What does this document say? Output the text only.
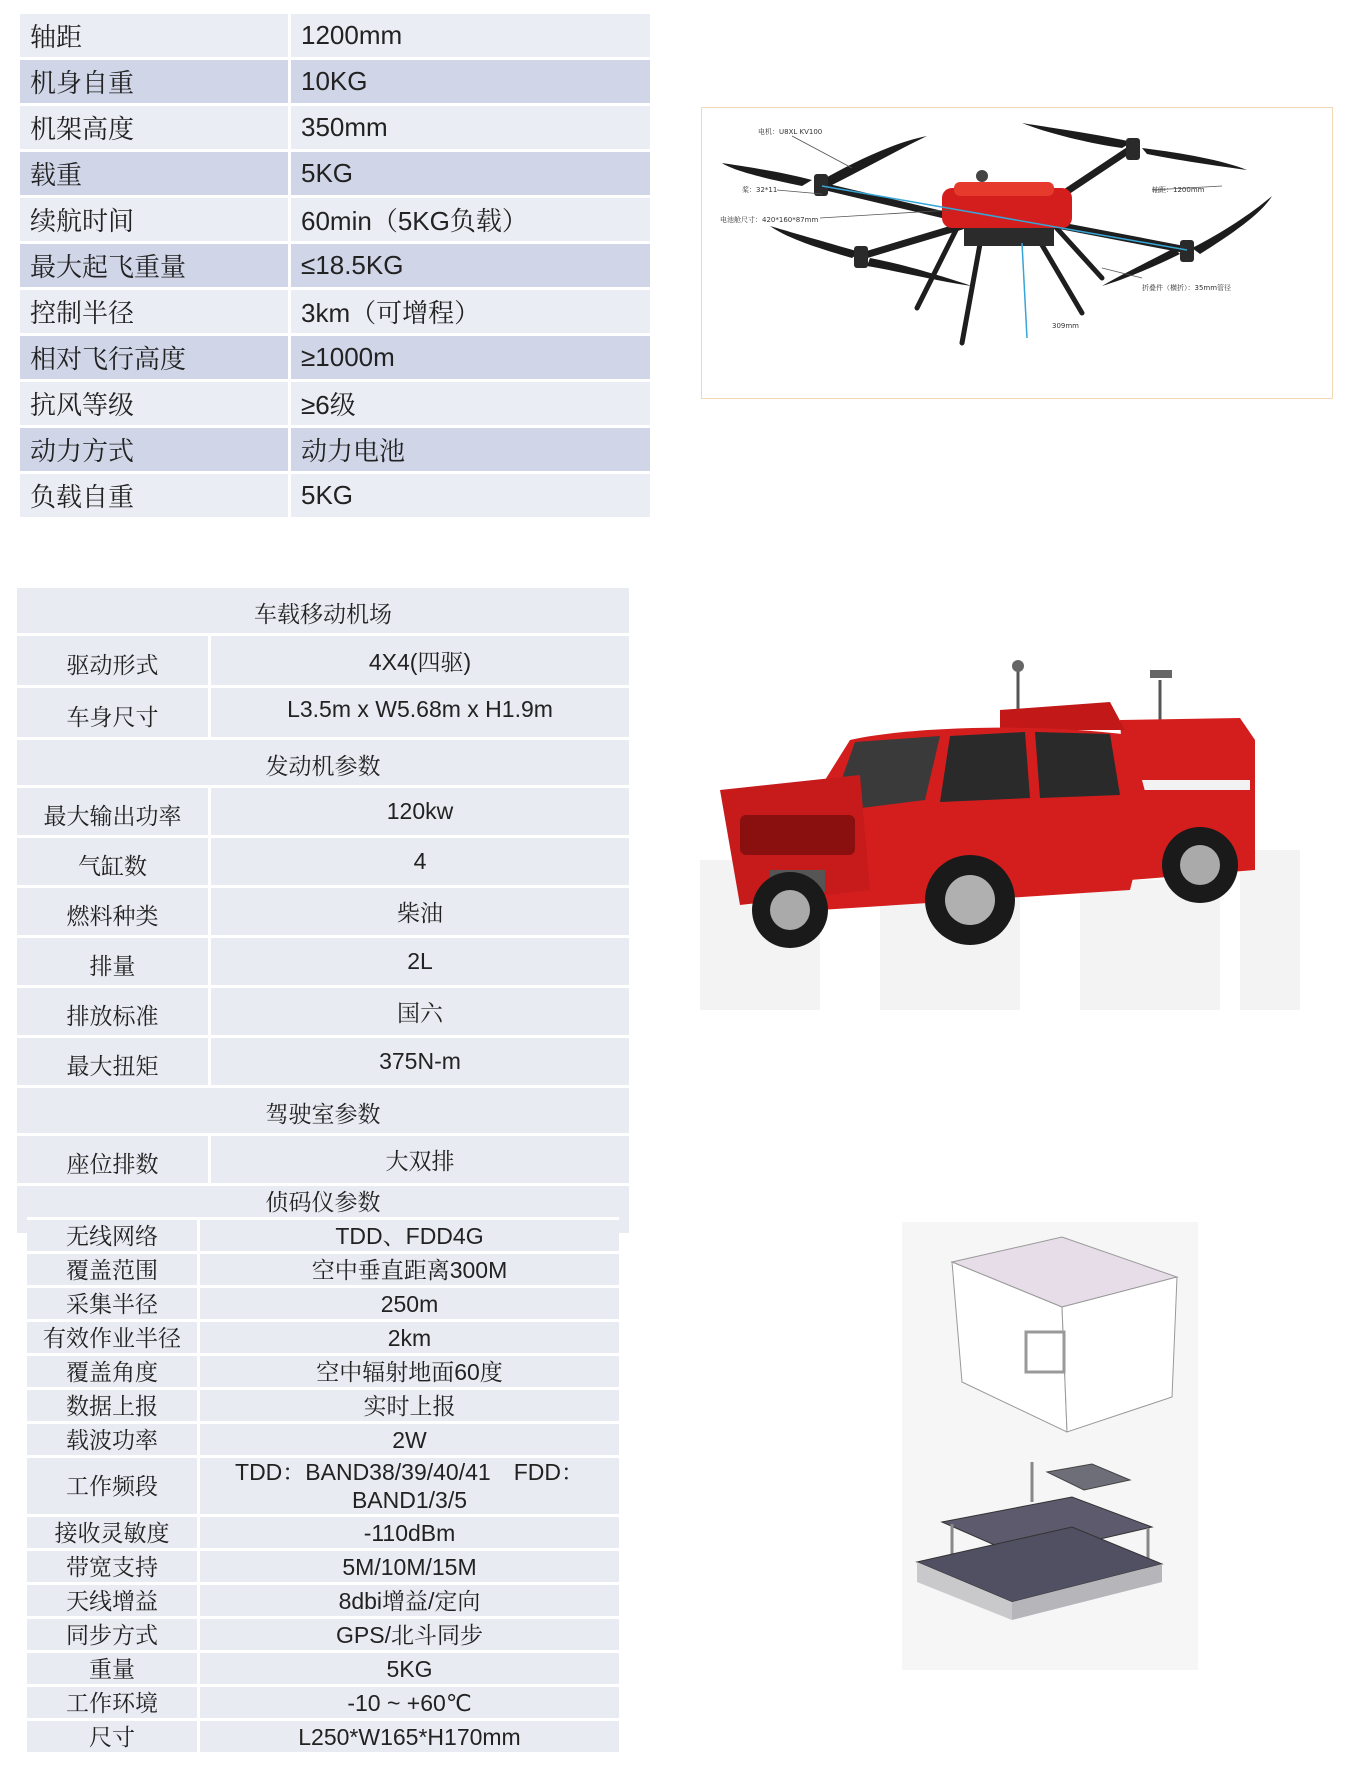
轴距	1200mm
机身自重	10KG
机架高度	350mm
载重	5KG
续航时间	60min（5KG负载）
最大起飞重量	≤18.5KG
控制半径	3km（可增程）
相对飞行高度	≥1000m
抗风等级	≥6级
动力方式	动力电池
负载自重	5KG
电机：U8XL KV100
桨：32*11
电池舱尺寸：420*160*87mm
轴距：1200mm
折叠件（横折）：35mm管径
309mm
车载移动机场	
驱动形式	4X4(四驱)
车身尺寸	L3.5m x W5.68m x H1.9m
发动机参数	
最大输出功率	120kw
气缸数	4
燃料种类	柴油
排量	2L
排放标准	国六
最大扭矩	375N-m
驾驶室参数	
座位排数	大双排

侦码仪参数	
无线网络	TDD、FDD4G
覆盖范围	空中垂直距离300M
采集半径	250m
有效作业半径	2km
覆盖角度	空中辐射地面60度
数据上报	实时上报
载波功率	2W
工作频段	TDD：BAND38/39/40/41　FDD：BAND1/3/5
接收灵敏度	-110dBm
带宽支持	5M/10M/15M
天线增益	8dbi增益/定向
同步方式	GPS/北斗同步
重量	5KG
工作环境	-10 ~ +60℃
尺寸	L250*W165*H170mm
